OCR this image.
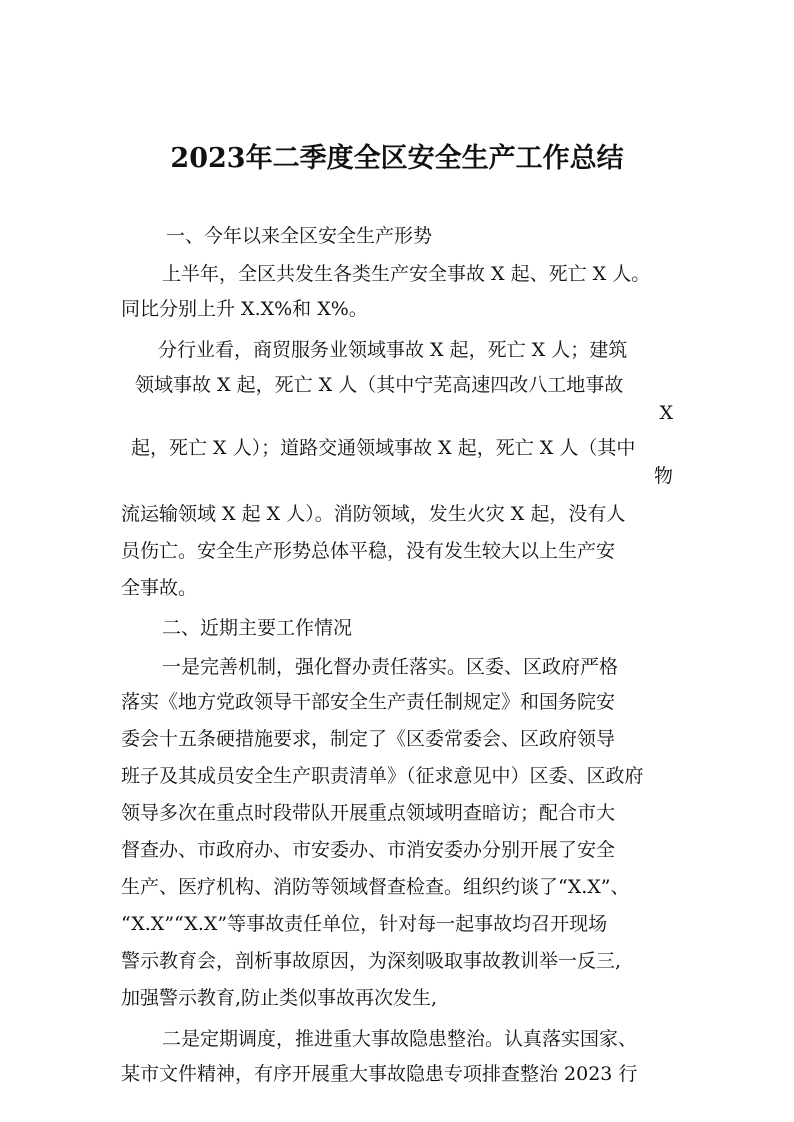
2023年二季度全区安全生产工作总结
一、今年以来全区安全生产形势
上半年，全区共发生各类生产安全事故 X 起、死亡 X 人。
同比分别上升 X.X%和 X%。
分行业看，商贸服务业领域事故 X 起，死亡 X 人；建筑
领域事故 X 起，死亡 X 人（其中宁芜高速四改八工地事故
X
起，死亡 X 人）；道路交通领域事故 X 起，死亡 X 人（其中
物
流运输领域 X 起 X 人）。消防领域，发生火灾 X 起，没有人
员伤亡。安全生产形势总体平稳，没有发生较大以上生产安
全事故。
二、近期主要工作情况
一是完善机制，强化督办责任落实。区委、区政府严格
落实《地方党政领导干部安全生产责任制规定》和国务院安
委会十五条硬措施要求，制定了《区委常委会、区政府领导
班子及其成员安全生产职责清单》（征求意见中）区委、区政府
领导多次在重点时段带队开展重点领域明查暗访；配合市大
督查办、市政府办、市安委办、市消安委办分别开展了安全
生产、医疗机构、消防等领域督查检查。组织约谈了“X.X”、
“X.X”“X.X”等事故责任单位，针对每一起事故均召开现场
警示教育会，剖析事故原因，为深刻吸取事故教训举一反三,
加强警示教育,防止类似事故再次发生,
二是定期调度，推进重大事故隐患整治。认真落实国家、
某市文件精神，有序开展重大事故隐患专项排查整治 2023 行
